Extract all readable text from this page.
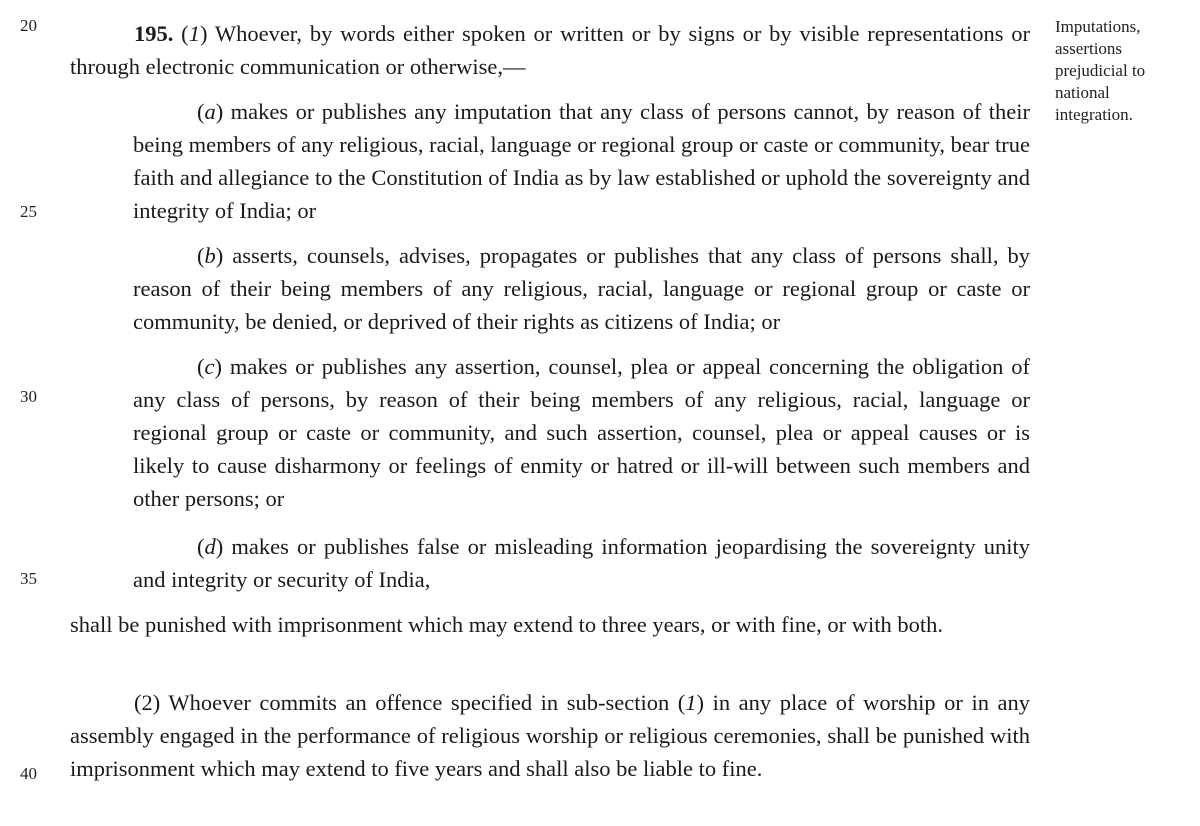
20
25
30
35
40
Imputations,
assertions
prejudicial to
national
integration.

195. (1) Whoever, by words either spoken or written or by signs or by visible representations or through electronic communication or otherwise,—

(a) makes or publishes any imputation that any class of persons cannot, by reason of their being members of any religious, racial, language or regional group or caste or community, bear true faith and allegiance to the Constitution of India as by law established or uphold the sovereignty and integrity of India; or

(b) asserts, counsels, advises, propagates or publishes that any class of persons shall, by reason of their being members of any religious, racial, language or regional group or caste or community, be denied, or deprived of their rights as citizens of India; or

(c) makes or publishes any assertion, counsel, plea or appeal concerning the obligation of any class of persons, by reason of their being members of any religious, racial, language or regional group or caste or community, and such assertion, counsel, plea or appeal causes or is likely to cause disharmony or feelings of enmity or hatred or ill-will between such members and other persons; or

(d) makes or publishes false or misleading information jeopardising the sovereignty unity and integrity or security of India,

shall be punished with imprisonment which may extend to three years, or with fine, or with both.

(2) Whoever commits an offence specified in sub-section (1) in any place of worship or in any assembly engaged in the performance of religious worship or religious ceremonies, shall be punished with imprisonment which may extend to five years and shall also be liable to fine.
